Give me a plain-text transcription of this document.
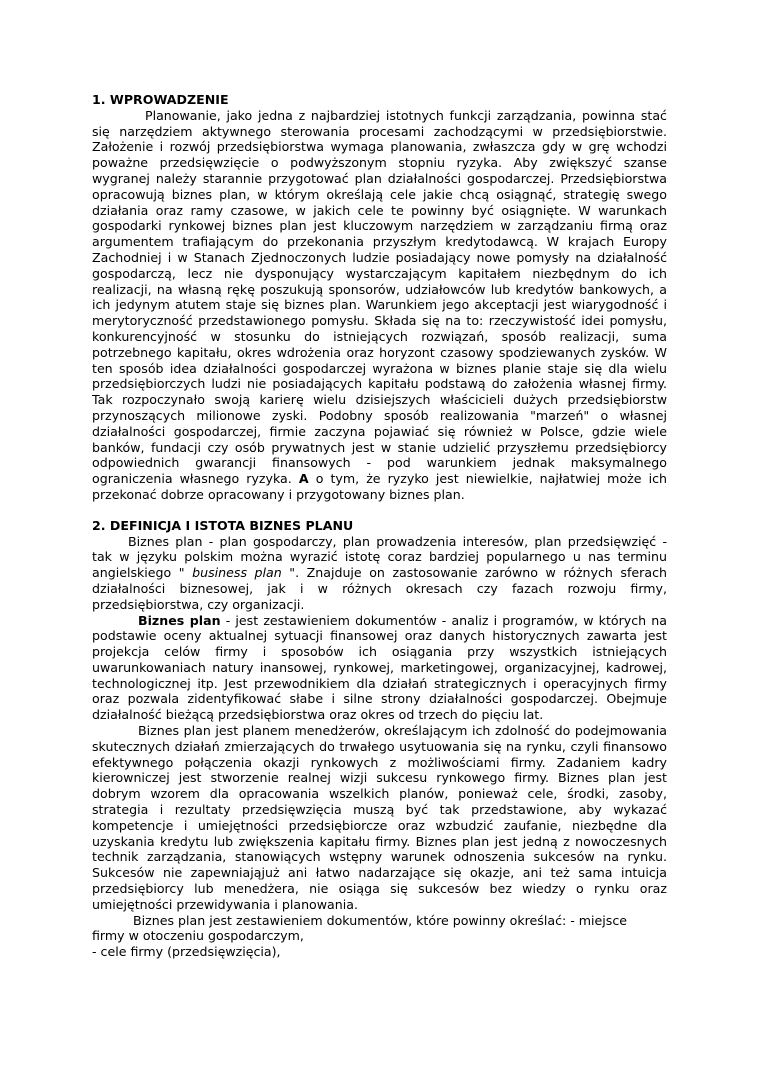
1. WPROWADZENIE

Planowanie, jako jedna z najbardziej istotnych funkcji zarządzania, powinna stać się narzędziem aktywnego sterowania procesami zachodzącymi w przedsiębiorstwie. Założenie i rozwój przedsiębiorstwa wymaga planowania, zwłaszcza gdy w grę wchodzi poważne przedsięwzięcie o podwyższonym stopniu ryzyka. Aby zwiększyć szanse wygranej należy starannie przygotować plan działalności gospodarczej. Przedsiębiorstwa opracowują biznes plan, w którym określają cele jakie chcą osiągnąć, strategię swego działania oraz ramy czasowe, w jakich cele te powinny być osiągnięte. W warunkach gospodarki rynkowej biznes plan jest kluczowym narzędziem w zarządzaniu firmą oraz argumentem trafiającym do przekonania przyszłym kredytodawcą. W krajach Europy Zachodniej i w Stanach Zjednoczonych ludzie posiadający nowe pomysły na działalność gospodarczą, lecz nie dysponujący wystarczającym kapitałem niezbędnym do ich realizacji, na własną rękę poszukują sponsorów, udziałowców lub kredytów bankowych, a ich jedynym atutem staje się biznes plan. Warunkiem jego akceptacji jest wiarygodność i merytoryczność przedstawionego pomysłu. Składa się na to: rzeczywistość idei pomysłu, konkurencyjność w stosunku do istniejących rozwiązań, sposób realizacji, suma potrzebnego kapitału, okres wdrożenia oraz horyzont czasowy spodziewanych zysków. W ten sposób idea działalności gospodarczej wyrażona w biznes planie staje się dla wielu przedsiębiorczych ludzi nie posiadających kapitału podstawą do założenia własnej firmy. Tak rozpoczynało swoją karierę wielu dzisiejszych właścicieli dużych przedsiębiorstw przynoszących milionowe zyski. Podobny sposób realizowania "marzeń" o własnej działalności gospodarczej, firmie zaczyna pojawiać się również w Polsce, gdzie wiele banków, fundacji czy osób prywatnych jest w stanie udzielić przyszłemu przedsiębiorcy odpowiednich gwarancji finansowych - pod warunkiem jednak maksymalnego ograniczenia własnego ryzyka. A o tym, że ryzyko jest niewielkie, najłatwiej może ich przekonać dobrze opracowany i przygotowany biznes plan.

2. DEFINICJA I ISTOTA BIZNES PLANU

Biznes plan - plan gospodarczy, plan prowadzenia interesów, plan przedsięwzięć - tak w języku polskim można wyrazić istotę coraz bardziej popularnego u nas terminu angielskiego " business plan ". Znajduje on zastosowanie zarówno w różnych sferach działalności biznesowej, jak i w różnych okresach czy fazach rozwoju firmy, przedsiębiorstwa, czy organizacji.

Biznes plan - jest zestawieniem dokumentów - analiz i programów, w których na podstawie oceny aktualnej sytuacji finansowej oraz danych historycznych zawarta jest projekcja celów firmy i sposobów ich osiągania przy wszystkich istniejących uwarunkowaniach natury inansowej, rynkowej, marketingowej, organizacyjnej, kadrowej, technologicznej itp. Jest przewodnikiem dla działań strategicznych i operacyjnych firmy oraz pozwala zidentyfikować słabe i silne strony działalności gospodarczej. Obejmuje działalność bieżącą przedsiębiorstwa oraz okres od trzech do pięciu lat.

Biznes plan jest planem menedżerów, określającym ich zdolność do podejmowania skutecznych działań zmierzających do trwałego usytuowania się na rynku, czyli finansowo efektywnego połączenia okazji rynkowych z możliwościami firmy. Zadaniem kadry kierowniczej jest stworzenie realnej wizji sukcesu rynkowego firmy. Biznes plan jest dobrym wzorem dla opracowania wszelkich planów, ponieważ cele, środki, zasoby, strategia i rezultaty przedsięwzięcia muszą być tak przedstawione, aby wykazać kompetencje i umiejętności przedsiębiorcze oraz wzbudzić zaufanie, niezbędne dla uzyskania kredytu lub zwiększenia kapitału firmy. Biznes plan jest jedną z nowoczesnych technik zarządzania, stanowiących wstępny warunek odnoszenia sukcesów na rynku. Sukcesów nie zapewniająjuż ani łatwo nadarzające się okazje, ani też sama intuicja przedsiębiorcy lub menedżera, nie osiąga się sukcesów bez wiedzy o rynku oraz umiejętności przewidywania i planowania.

Biznes plan jest zestawieniem dokumentów, które powinny określać: - miejsce

firmy w otoczeniu gospodarczym,

- cele firmy (przedsięwzięcia),
